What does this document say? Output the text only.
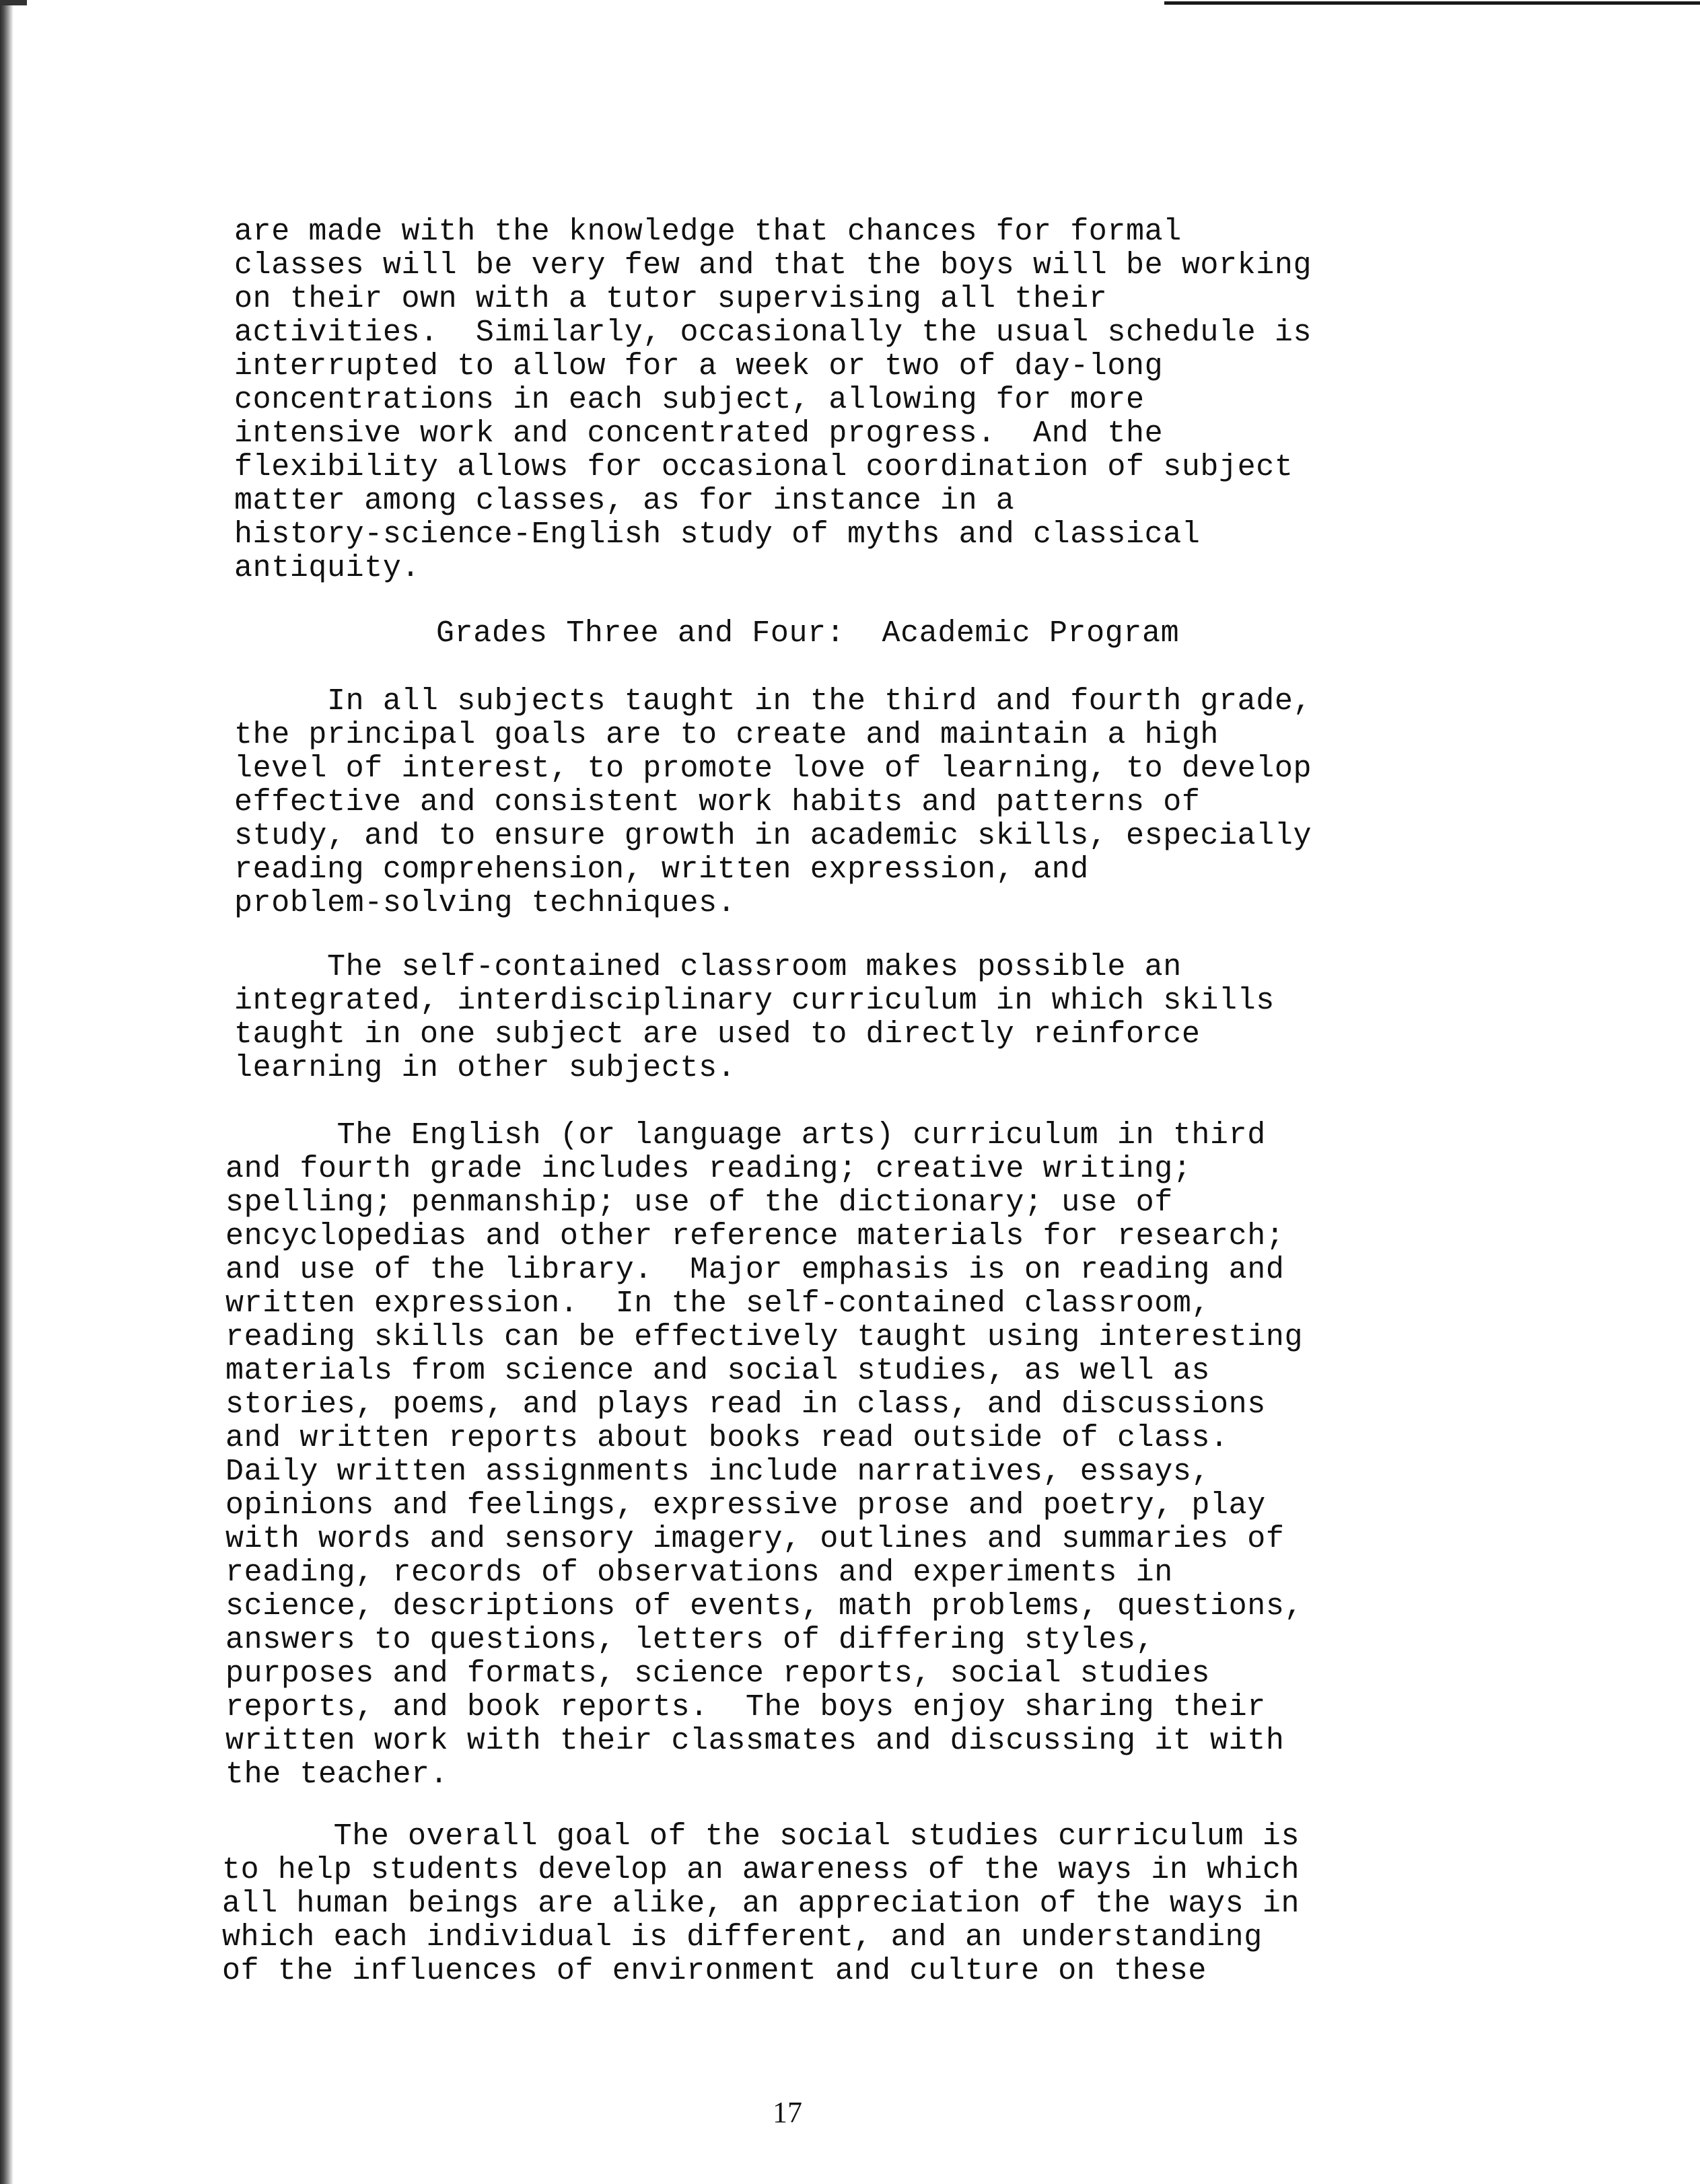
are made with the knowledge that chances for formal
classes will be very few and that the boys will be working
on their own with a tutor supervising all their
activities.  Similarly, occasionally the usual schedule is
interrupted to allow for a week or two of day-long
concentrations in each subject, allowing for more
intensive work and concentrated progress.  And the
flexibility allows for occasional coordination of subject
matter among classes, as for instance in a
history-science-English study of myths and classical
antiquity.
Grades Three and Four:  Academic Program
In all subjects taught in the third and fourth grade,
the principal goals are to create and maintain a high
level of interest, to promote love of learning, to develop
effective and consistent work habits and patterns of
study, and to ensure growth in academic skills, especially
reading comprehension, written expression, and
problem-solving techniques.
The self-contained classroom makes possible an
integrated, interdisciplinary curriculum in which skills
taught in one subject are used to directly reinforce
learning in other subjects.
The English (or language arts) curriculum in third
and fourth grade includes reading; creative writing;
spelling; penmanship; use of the dictionary; use of
encyclopedias and other reference materials for research;
and use of the library.  Major emphasis is on reading and
written expression.  In the self-contained classroom,
reading skills can be effectively taught using interesting
materials from science and social studies, as well as
stories, poems, and plays read in class, and discussions
and written reports about books read outside of class.
Daily written assignments include narratives, essays,
opinions and feelings, expressive prose and poetry, play
with words and sensory imagery, outlines and summaries of
reading, records of observations and experiments in
science, descriptions of events, math problems, questions,
answers to questions, letters of differing styles,
purposes and formats, science reports, social studies
reports, and book reports.  The boys enjoy sharing their
written work with their classmates and discussing it with
the teacher.
The overall goal of the social studies curriculum is
to help students develop an awareness of the ways in which
all human beings are alike, an appreciation of the ways in
which each individual is different, and an understanding
of the influences of environment and culture on these
17
